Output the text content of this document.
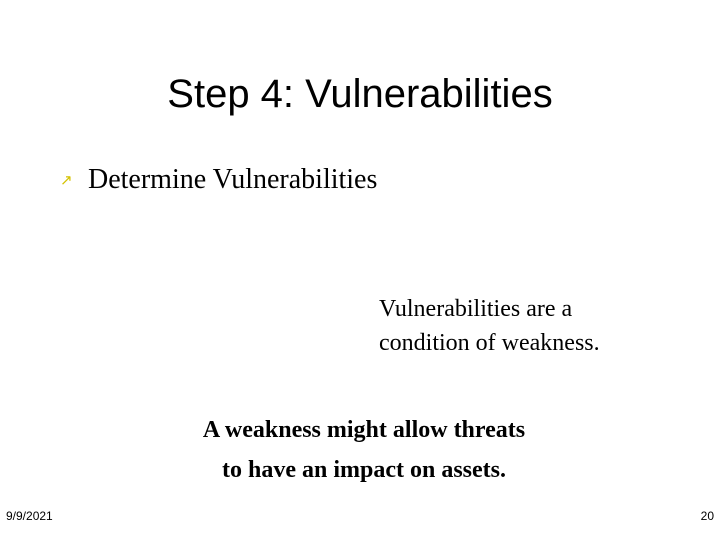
Step 4: Vulnerabilities
↗ Determine Vulnerabilities
Vulnerabilities are a
condition of weakness.
A weakness might allow threats
to have an impact on assets.
9/9/2021	20
